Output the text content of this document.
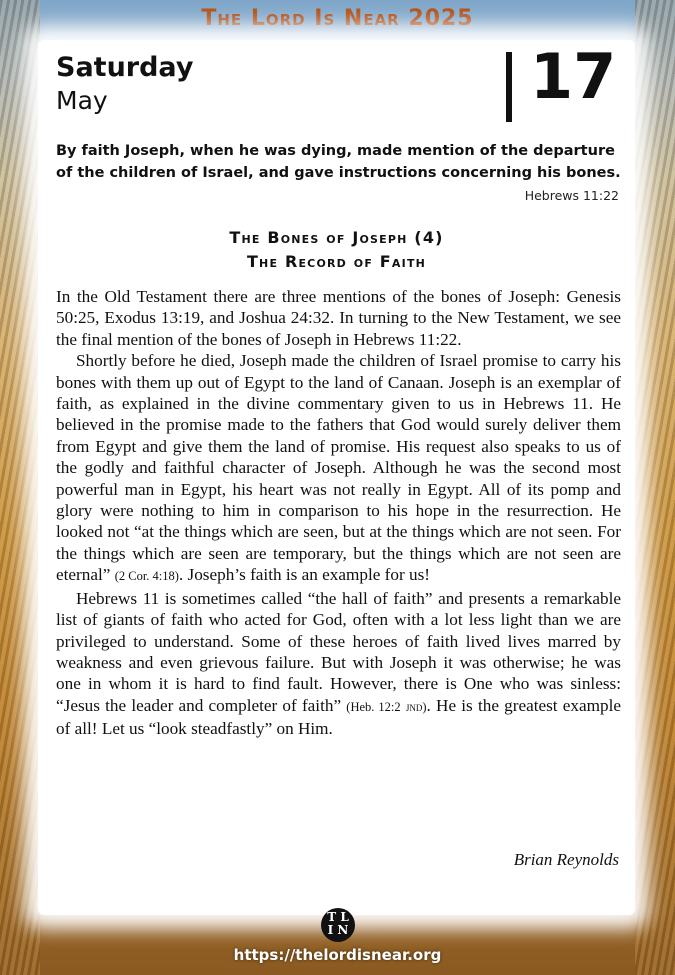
The Lord Is Near 2025
Saturday
May	17
By faith Joseph, when he was dying, made mention of the departure of the children of Israel, and gave instructions concerning his bones.
Hebrews 11:22
The Bones of Joseph (4)
The Record of Faith

In the Old Testament there are three mentions of the bones of Joseph: Genesis 50:25, Exodus 13:19, and Joshua 24:32. In turning to the New Testament, we see the final mention of the bones of Joseph in Hebrews 11:22.

Shortly before he died, Joseph made the children of Israel promise to carry his bones with them up out of Egypt to the land of Canaan. Joseph is an exemplar of faith, as explained in the divine commentary given to us in Hebrews 11. He believed in the promise made to the fathers that God would surely deliver them from Egypt and give them the land of promise. His request also speaks to us of the godly and faithful character of Joseph. Although he was the second most powerful man in Egypt, his heart was not really in Egypt. All of its pomp and glory were nothing to him in comparison to his hope in the resurrection. He looked not “at the things which are seen, but at the things which are not seen. For the things which are seen are temporary, but the things which are not seen are eternal” (2 Cor. 4:18). Joseph’s faith is an example for us!

Hebrews 11 is sometimes called “the hall of faith” and presents a remarkable list of giants of faith who acted for God, often with a lot less light than we are privileged to understand. Some of these heroes of faith lived lives marred by weakness and even grievous failure. But with Joseph it was otherwise; he was one in whom it is hard to find fault. However, there is One who was sinless: “Jesus the leader and completer of faith” (Heb. 12:2 jnd). He is the greatest example of all! Let us “look steadfastly” on Him.

Brian Reynolds
T L
I N
https://thelordisnear.org
